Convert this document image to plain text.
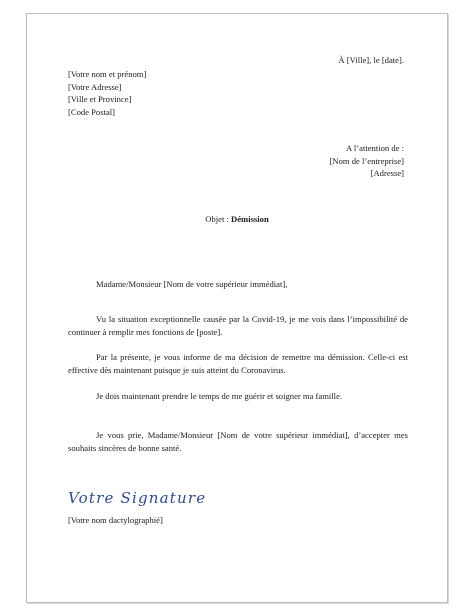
À [Ville], le [date].
[Votre nom et prénom]
[Votre Adresse]
[Ville et Province]
[Code Postal]
A l’attention de :
[Nom de l’entreprise]
[Adresse]
Objet : Démission
Madame/Monsieur [Nom de votre supérieur immédiat],
Vu la situation exceptionnelle causée par la Covid-19, je me vois dans l’impossibilité de continuer à remplir mes fonctions de [poste].
Par la présente, je vous informe de ma décision de remettre ma démission. Celle-ci est effective dès maintenant puisque je suis atteint du Coronavirus.
Je dois maintenant prendre le temps de me guérir et soigner ma famille.
Je vous prie, Madame/Monsieur [Nom de votre supérieur immédiat], d’accepter mes souhaits sincères de bonne santé.
Votre Signature
[Votre nom dactylographié]
